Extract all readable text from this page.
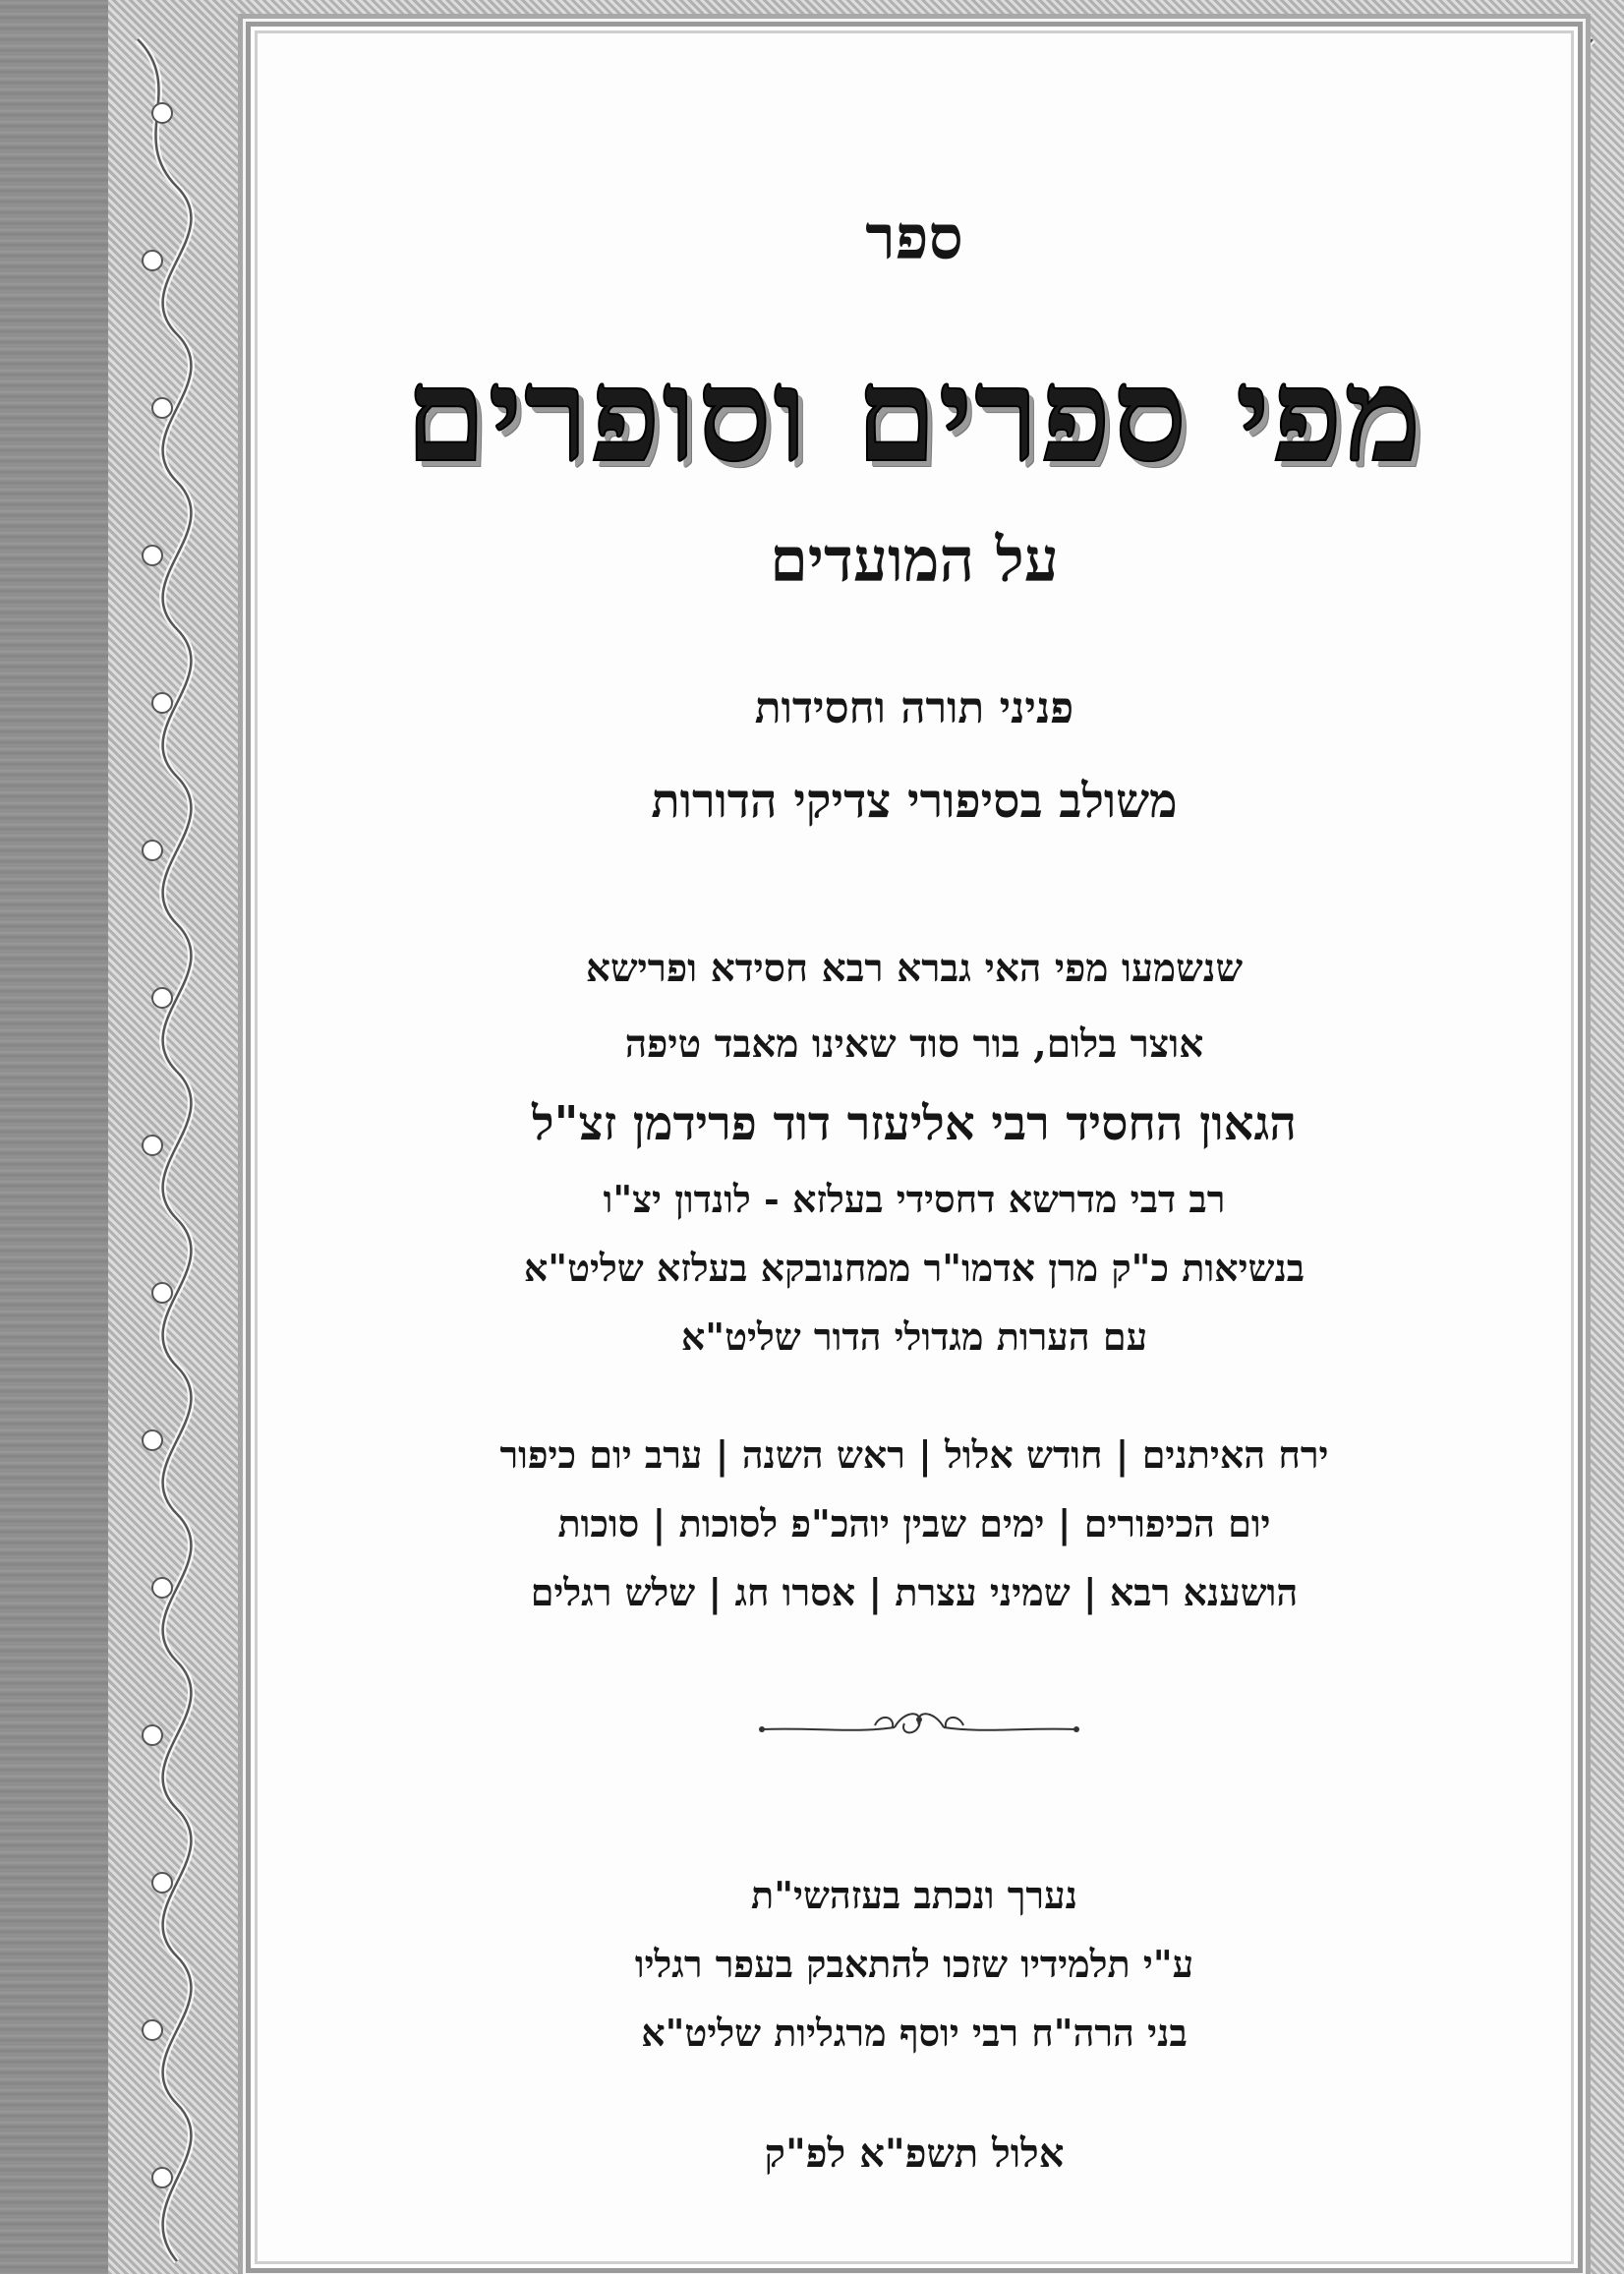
ספר
מפי ספרים וסופרים
על המועדים
פניני תורה וחסידות
משולב בסיפורי צדיקי הדורות
שנשמעו מפי האי גברא רבא חסידא ופרישא
אוצר בלום, בור סוד שאינו מאבד טיפה
הגאון החסיד רבי אליעזר דוד פרידמן זצ"ל
רב דבי מדרשא דחסידי בעלזא - לונדון יצ"ו
בנשיאות כ"ק מרן אדמו"ר ממחנובקא בעלזא שליט"א
עם הערות מגדולי הדור שליט"א
ירח האיתנים | חודש אלול | ראש השנה | ערב יום כיפור
יום הכיפורים | ימים שבין יוהכ"פ לסוכות | סוכות
הושענא רבא | שמיני עצרת | אסרו חג | שלש רגלים
נערך ונכתב בעזהשי"ת
ע"י תלמידיו שזכו להתאבק בעפר רגליו
בני הרה"ח רבי יוסף מרגליות שליט"א
אלול תשפ"א לפ"ק
